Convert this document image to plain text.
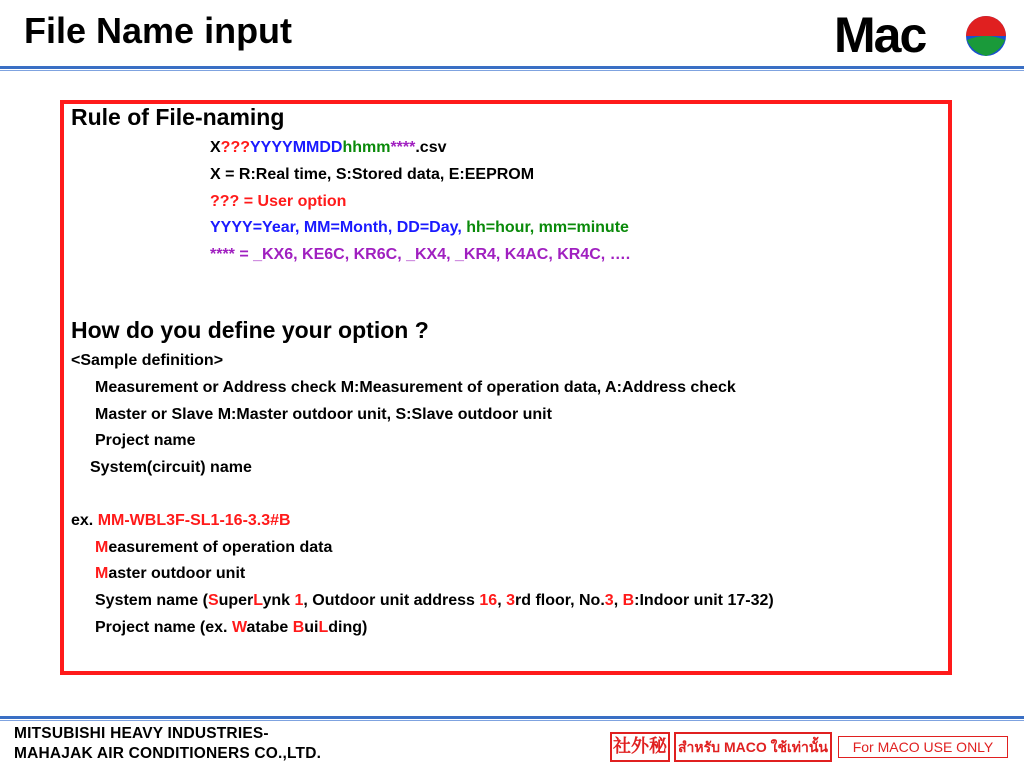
File Name input	Mac
Rule of File-naming
X???YYYYMMDDhhmm****.csv
X = R:Real time, S:Stored data, E:EEPROM
??? = User option
YYYY=Year, MM=Month, DD=Day, hh=hour, mm=minute
**** = _KX6, KE6C, KR6C, _KX4, _KR4, K4AC, KR4C, ….
How do you define your option ?
<Sample definition>
Measurement or Address check M:Measurement of operation data, A:Address check
Master or Slave M:Master outdoor unit, S:Slave outdoor unit
Project name
System(circuit) name
ex. MM-WBL3F-SL1-16-3.3#B
Measurement of operation data
Master outdoor unit
System name (SuperLynk 1, Outdoor unit address 16, 3rd floor, No.3, B:Indoor unit 17-32)
Project name (ex. Watabe BuiLding)
MITSUBISHI HEAVY INDUSTRIES-
MAHAJAK AIR CONDITIONERS CO.,LTD.	社外秘 สำหรับ MACO ใช้เท่านั้น	For MACO USE ONLY
